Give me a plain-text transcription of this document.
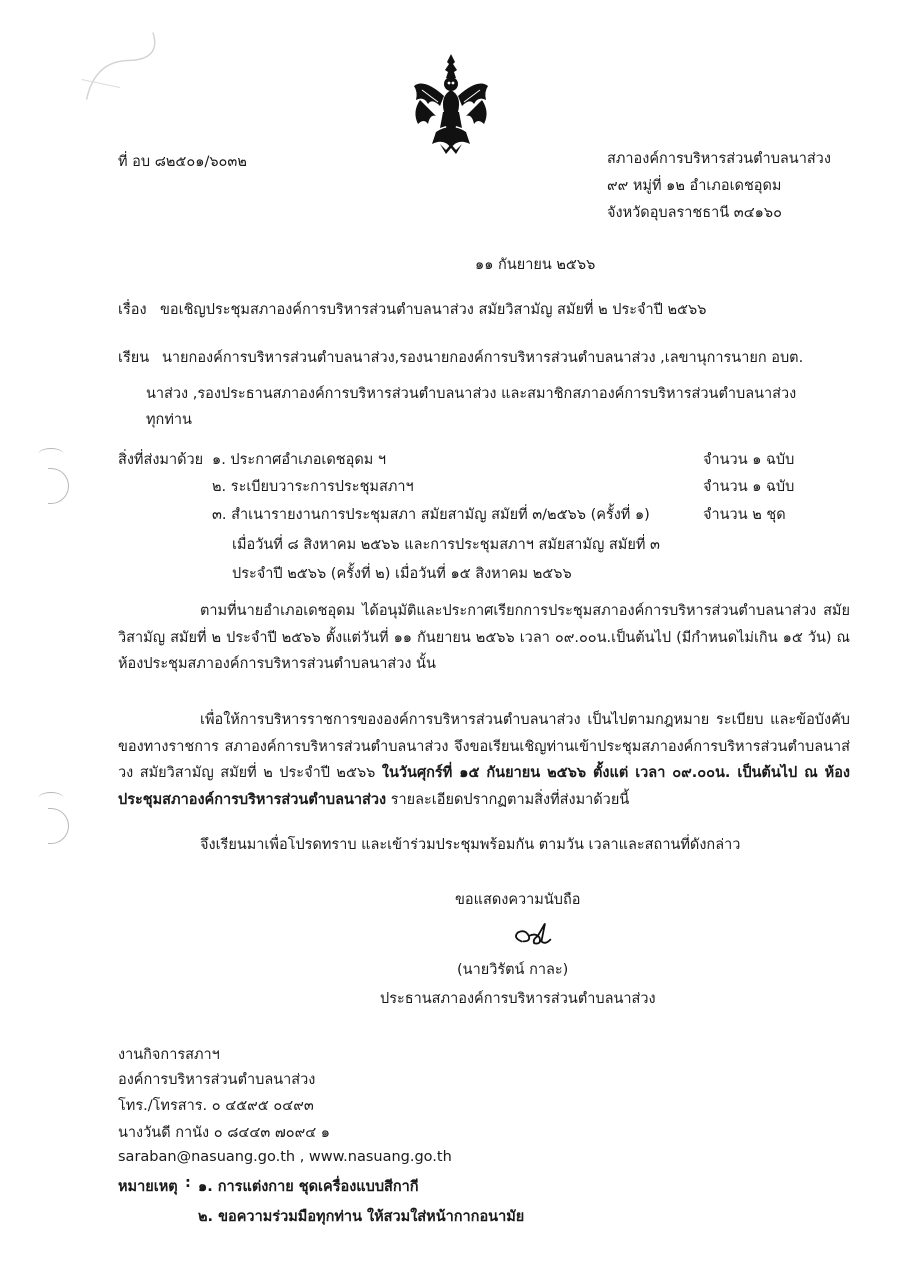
ที่ อบ ๘๒๕๐๑/๖๐๓๒	สภาองค์การบริหารส่วนตำบลนาส่วง
๙๙ หมู่ที่ ๑๒ อำเภอเดชอุดม
จังหวัดอุบลราชธานี ๓๔๑๖๐
๑๑ กันยายน ๒๕๖๖
เรื่อง ขอเชิญประชุมสภาองค์การบริหารส่วนตำบลนาส่วง สมัยวิสามัญ สมัยที่ ๒ ประจำปี ๒๕๖๖
เรียน นายกองค์การบริหารส่วนตำบลนาส่วง,รองนายกองค์การบริหารส่วนตำบลนาส่วง ,เลขานุการนายก อบต.
นาส่วง ,รองประธานสภาองค์การบริหารส่วนตำบลนาส่วง และสมาชิกสภาองค์การบริหารส่วนตำบลนาส่วง
ทุกท่าน
สิ่งที่ส่งมาด้วย ๑. ประกาศอำเภอเดชอุดม ฯ	จำนวน ๑ ฉบับ
๒. ระเบียบวาระการประชุมสภาฯ	จำนวน ๑ ฉบับ
๓. สำเนารายงานการประชุมสภา สมัยสามัญ สมัยที่ ๓/๒๕๖๖ (ครั้งที่ ๑)	จำนวน ๒ ชุด
เมื่อวันที่ ๘ สิงหาคม ๒๕๖๖ และการประชุมสภาฯ สมัยสามัญ สมัยที่ ๓
ประจำปี ๒๕๖๖ (ครั้งที่ ๒) เมื่อวันที่ ๑๕ สิงหาคม ๒๕๖๖
ตามที่นายอำเภอเดชอุดม ได้อนุมัติและประกาศเรียกการประชุมสภาองค์การบริหารส่วนตำบลนาส่วง สมัยวิสามัญ สมัยที่ ๒ ประจำปี ๒๕๖๖ ตั้งแต่วันที่ ๑๑ กันยายน ๒๕๖๖ เวลา ๐๙.๐๐น.เป็นต้นไป (มีกำหนดไม่เกิน ๑๕ วัน) ณ ห้องประชุมสภาองค์การบริหารส่วนตำบลนาส่วง นั้น
เพื่อให้การบริหารราชการขององค์การบริหารส่วนตำบลนาส่วง เป็นไปตามกฎหมาย ระเบียบ และข้อบังคับของทางราชการ สภาองค์การบริหารส่วนตำบลนาส่วง จึงขอเรียนเชิญท่านเข้าประชุมสภาองค์การบริหารส่วนตำบลนาส่วง สมัยวิสามัญ สมัยที่ ๒ ประจำปี ๒๕๖๖ ในวันศุกร์ที่ ๑๕ กันยายน ๒๕๖๖ ตั้งแต่ เวลา ๐๙.๐๐น. เป็นต้นไป ณ ห้องประชุมสภาองค์การบริหารส่วนตำบลนาส่วง รายละเอียดปรากฏตามสิ่งที่ส่งมาด้วยนี้
จึงเรียนมาเพื่อโปรดทราบ และเข้าร่วมประชุมพร้อมกัน ตามวัน เวลาและสถานที่ดังกล่าว
ขอแสดงความนับถือ
(นายวิรัตน์ กาละ)
ประธานสภาองค์การบริหารส่วนตำบลนาส่วง
งานกิจการสภาฯ
องค์การบริหารส่วนตำบลนาส่วง
โทร./โทรสาร. ๐ ๔๕๙๕ ๐๔๙๓
นางวันดี กานัง ๐ ๘๔๔๓ ๗๐๙๔ ๑
saraban@nasuang.go.th , www.nasuang.go.th
หมายเหตุ : ๑. การแต่งกาย ชุดเครื่องแบบสีกากี
๒. ขอความร่วมมือทุกท่าน ให้สวมใส่หน้ากากอนามัย
